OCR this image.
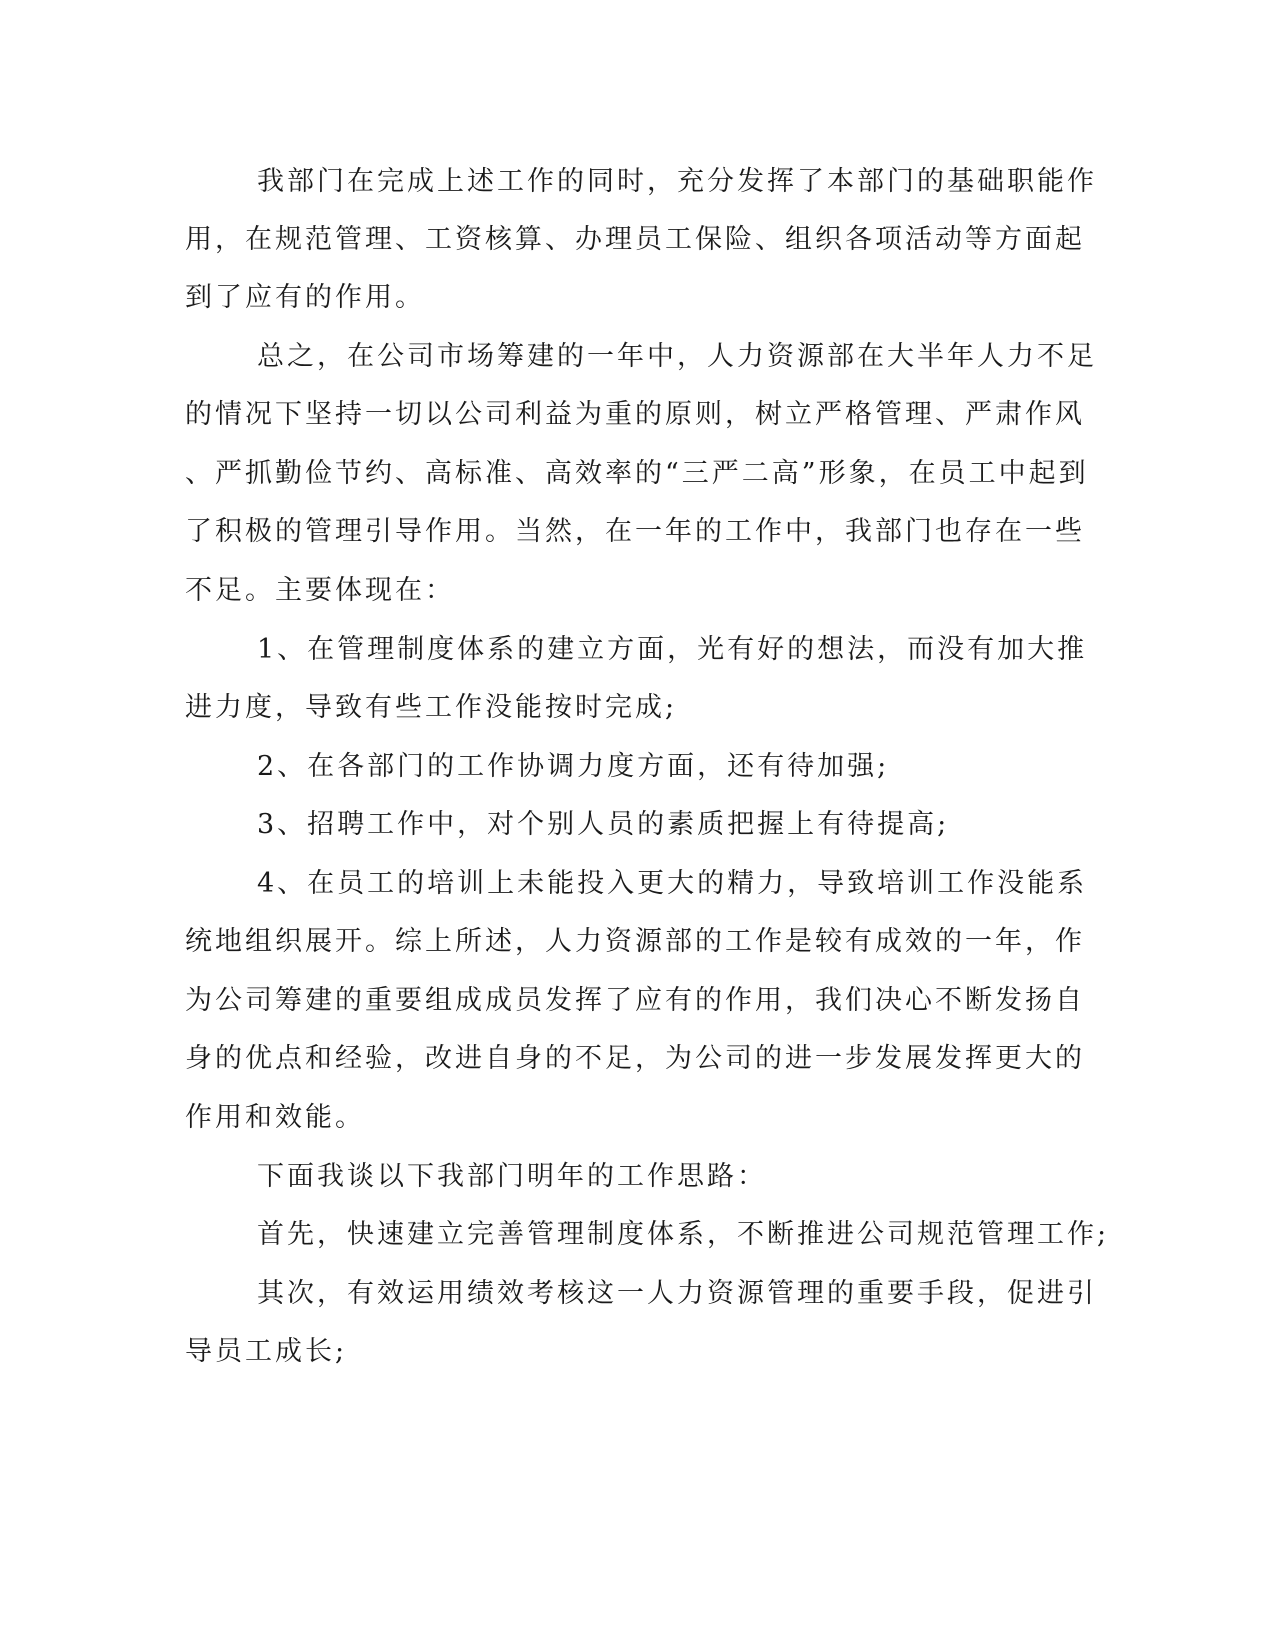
我部门在完成上述工作的同时，充分发挥了本部门的基础职能作
用，在规范管理、工资核算、办理员工保险、组织各项活动等方面起
到了应有的作用。
总之，在公司市场筹建的一年中，人力资源部在大半年人力不足
的情况下坚持一切以公司利益为重的原则，树立严格管理、严肃作风
、严抓勤俭节约、高标准、高效率的“三严二高”形象，在员工中起到
了积极的管理引导作用。当然，在一年的工作中，我部门也存在一些
不足。主要体现在：
1、在管理制度体系的建立方面，光有好的想法，而没有加大推
进力度，导致有些工作没能按时完成;
2、在各部门的工作协调力度方面，还有待加强;
3、招聘工作中，对个别人员的素质把握上有待提高;
4、在员工的培训上未能投入更大的精力，导致培训工作没能系
统地组织展开。综上所述，人力资源部的工作是较有成效的一年，作
为公司筹建的重要组成成员发挥了应有的作用，我们决心不断发扬自
身的优点和经验，改进自身的不足，为公司的进一步发展发挥更大的
作用和效能。
下面我谈以下我部门明年的工作思路：
首先，快速建立完善管理制度体系，不断推进公司规范管理工作;
其次，有效运用绩效考核这一人力资源管理的重要手段，促进引
导员工成长;
